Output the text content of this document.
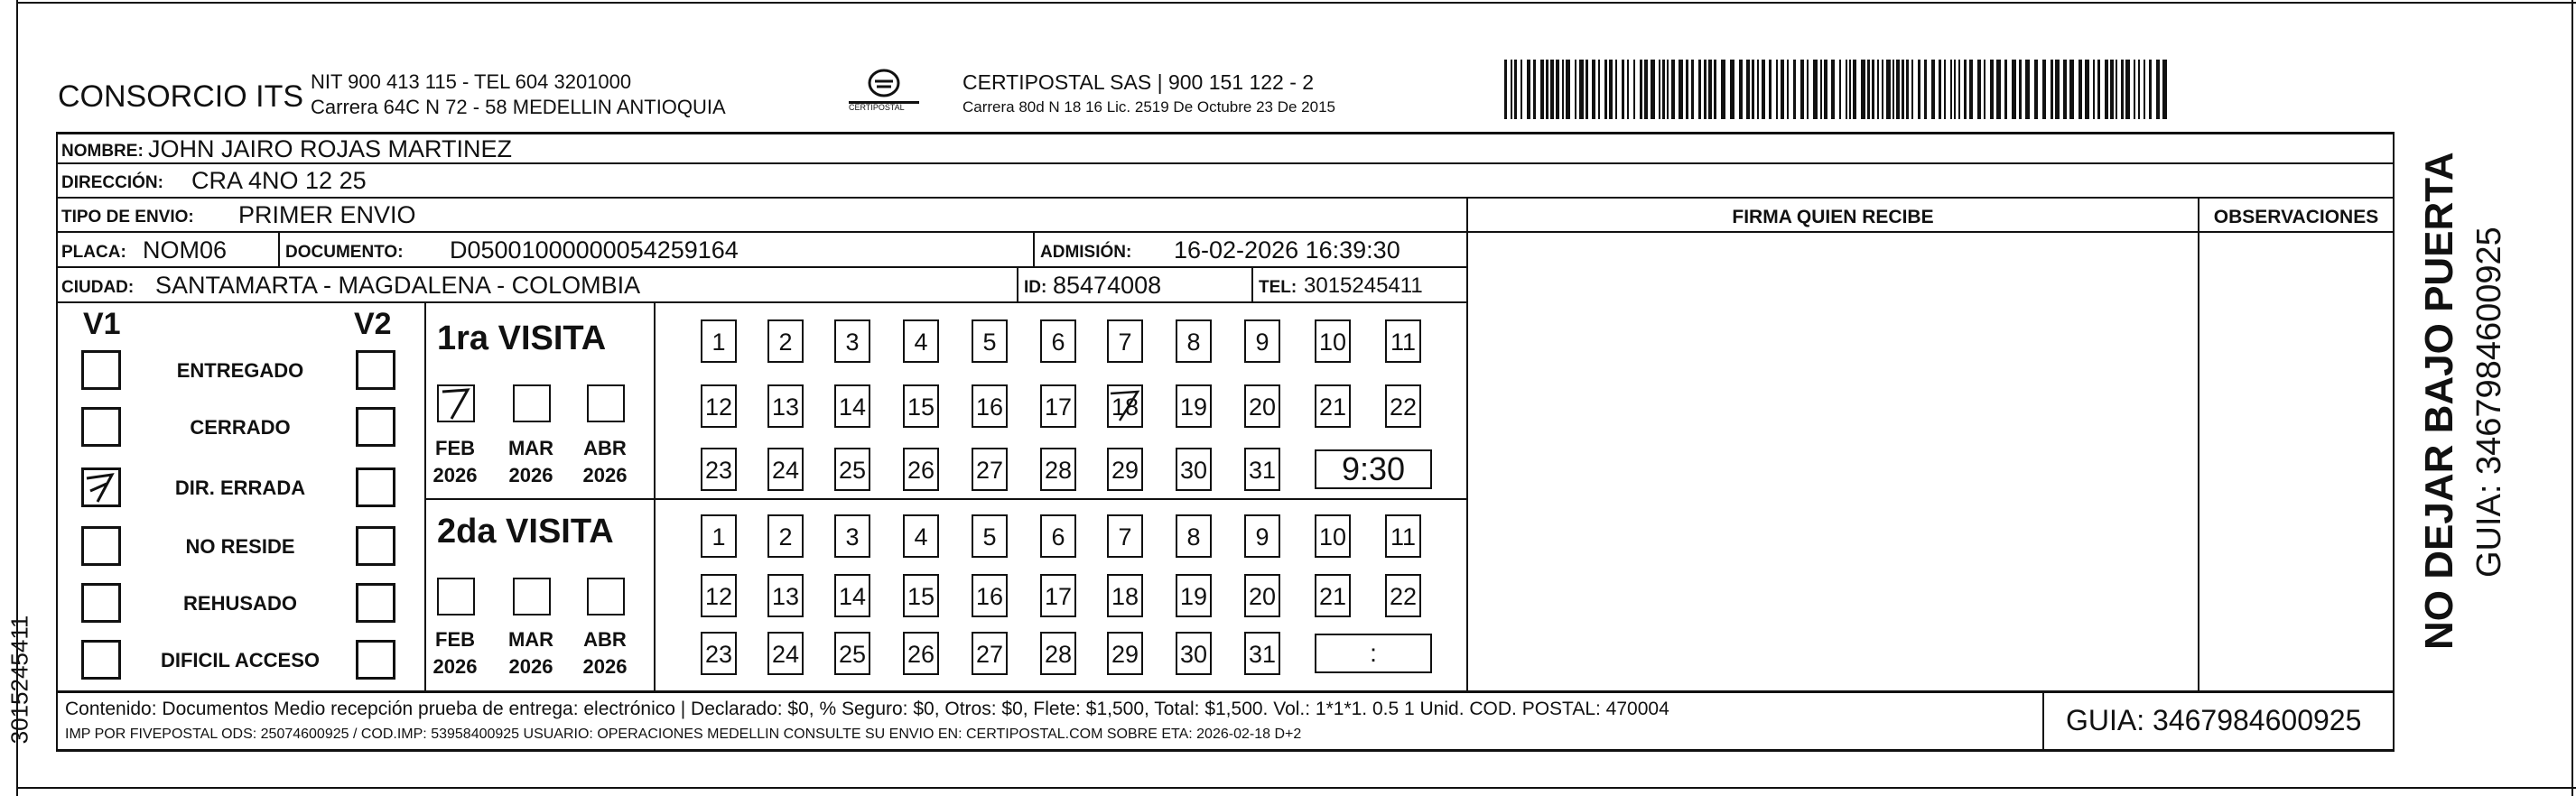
3015245411
CONSORCIO ITS NIT 900 413 115 - TEL 604 3201000
Carrera 64C N 72 - 58 MEDELLIN ANTIOQUIA	CERTIPOSTAL
CERTIPOSTAL SAS | 900 151 122 - 2
Carrera 80d N 18 16 Lic. 2519 De Octubre 23 De 2015
NOMBRE: JOHN JAIRO ROJAS MARTINEZ
DIRECCIÓN: CRA 4NO 12 25
TIPO DE ENVIO: PRIMER ENVIO	FIRMA QUIEN RECIBE	OBSERVACIONES
PLACA: NOM06	DOCUMENTO: D05001000000054259164	ADMISIÓN: 16-02-2026 16:39:30
CIUDAD: SANTAMARTA - MAGDALENA - COLOMBIA	ID: 85474008	TEL: 3015245411
V1	V2
ENTREGADO
CERRADO
DIR. ERRADA
NO RESIDE
REHUSADO
DIFICIL ACCESO
1ra VISITA
2da VISITA
FEB
2026
MAR
2026
ABR
2026
FEB
2026
MAR
2026
ABR
2026
1	2	3	4	5	6	7	8	9	10 11
12 13 14 15 16 17 18 19 20 21 22
23 24 25 26 27 28 29 30 31	9:30
1	2	3	4	5	6	7	8	9	10 11
12 13 14 15 16 17 18 19 20 21 22
23 24 25 26 27 28 29 30 31	:
Contenido: Documentos Medio recepción prueba de entrega: electrónico | Declarado: $0, % Seguro: $0, Otros: $0, Flete: $1,500, Total: $1,500. Vol.: 1*1*1. 0.5 1 Unid. COD. POSTAL: 470004
IMP POR FIVEPOSTAL ODS: 25074600925 / COD.IMP: 53958400925 USUARIO: OPERACIONES MEDELLIN CONSULTE SU ENVIO EN: CERTIPOSTAL.COM SOBRE ETA: 2026-02-18 D+2	GUIA: 3467984600925
NO DEJAR BAJO PUERTA GUIA: 3467984600925
